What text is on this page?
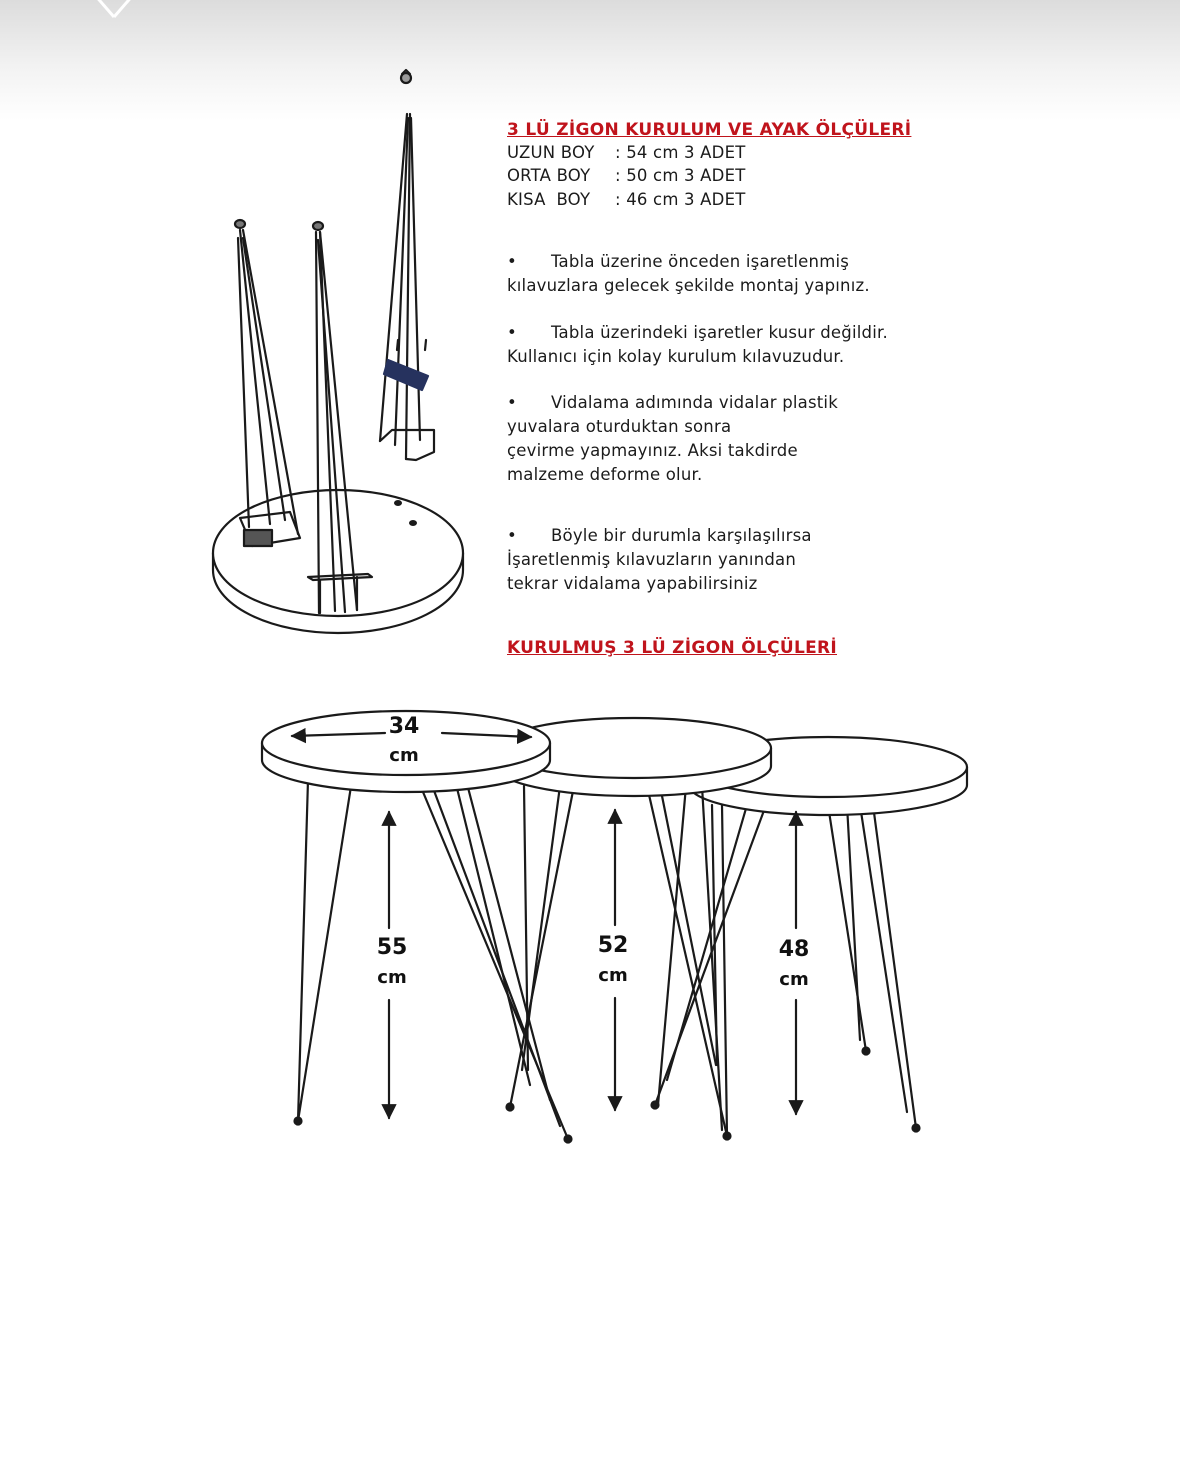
3 LÜ ZİGON KURULUM VE AYAK ÖLÇÜLERİ
UZUN BOY : 54 cm 3 ADET
ORTA BOY : 50 cm 3 ADET
KISA  BOY : 46 cm 3 ADET
• Tabla üzerine önceden işaretlenmiş
kılavuzlara gelecek şekilde montaj yapınız.
• Tabla üzerindeki işaretler kusur değildir.
Kullanıcı için kolay kurulum kılavuzudur.
• Vidalama adımında vidalar plastik
yuvalara oturduktan sonra
çevirme yapmayınız. Aksi takdirde
malzeme deforme olur.
• Böyle bir durumla karşılaşılırsa
İşaretlenmiş kılavuzların yanından
tekrar vidalama yapabilirsiniz
KURULMUŞ 3 LÜ ZİGON ÖLÇÜLERİ
34
cm
55
cm
52
cm
48
cm
